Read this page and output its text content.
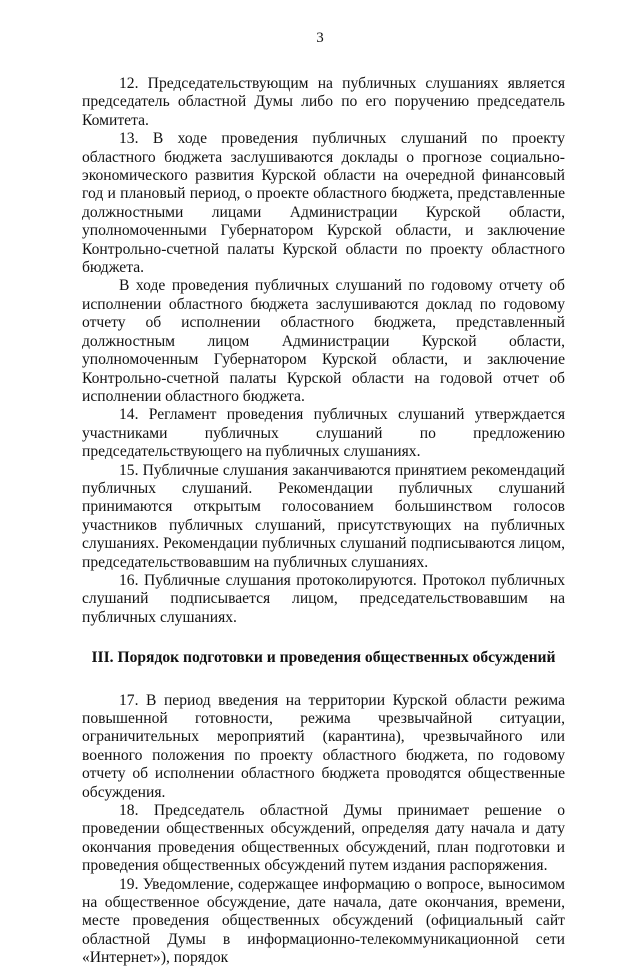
3

12. Председательствующим на публичных слушаниях является председатель областной Думы либо по его поручению председатель Комитета.

13. В ходе проведения публичных слушаний по проекту областного бюджета заслушиваются доклады о прогнозе социально-экономического развития Курской области на очередной финансовый год и плановый период, о проекте областного бюджета, представленные должностными лицами Администрации Курской области, уполномоченными Губернатором Курской области, и заключение Контрольно-счетной палаты Курской области по проекту областного бюджета.

В ходе проведения публичных слушаний по годовому отчету об исполнении областного бюджета заслушиваются доклад по годовому отчету об исполнении областного бюджета, представленный должностным лицом Администрации Курской области, уполномоченным Губернатором Курской области, и заключение Контрольно-счетной палаты Курской области на годовой отчет об исполнении областного бюджета.

14. Регламент проведения публичных слушаний утверждается участниками публичных слушаний по предложению председательствующего на публичных слушаниях.

15. Публичные слушания заканчиваются принятием рекомендаций публичных слушаний. Рекомендации публичных слушаний принимаются открытым голосованием большинством голосов участников публичных слушаний, присутствующих на публичных слушаниях. Рекомендации публичных слушаний подписываются лицом, председательствовавшим на публичных слушаниях.

16. Публичные слушания протоколируются. Протокол публичных слушаний подписывается лицом, председательствовавшим на публичных слушаниях.

III. Порядок подготовки и проведения общественных обсуждений

17. В период введения на территории Курской области режима повышенной готовности, режима чрезвычайной ситуации, ограничительных мероприятий (карантина), чрезвычайного или военного положения по проекту областного бюджета, по годовому отчету об исполнении областного бюджета проводятся общественные обсуждения.

18. Председатель областной Думы принимает решение о проведении общественных обсуждений, определяя дату начала и дату окончания проведения общественных обсуждений, план подготовки и проведения общественных обсуждений путем издания распоряжения.

19. Уведомление, содержащее информацию о вопросе, выносимом на общественное обсуждение, дате начала, дате окончания, времени, месте проведения общественных обсуждений (официальный сайт областной Думы в информационно-телекоммуникационной сети «Интернет»), порядок
